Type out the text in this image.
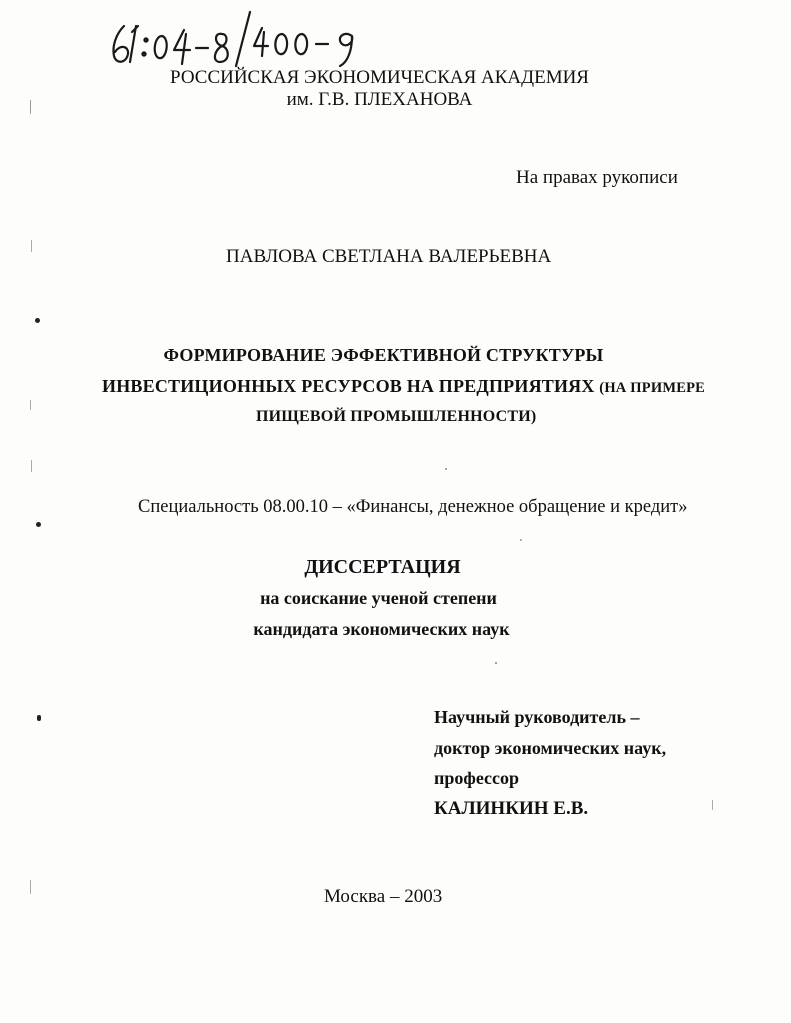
РОССИЙСКАЯ ЭКОНОМИЧЕСКАЯ АКАДЕМИЯ
им. Г.В. ПЛЕХАНОВА
На правах рукописи
ПАВЛОВА СВЕТЛАНА ВАЛЕРЬЕВНА
ФОРМИРОВАНИЕ ЭФФЕКТИВНОЙ СТРУКТУРЫ
ИНВЕСТИЦИОННЫХ РЕСУРСОВ НА ПРЕДПРИЯТИЯХ (НА ПРИМЕРЕ
ПИЩЕВОЙ ПРОМЫШЛЕННОСТИ)
Специальность 08.00.10 – «Финансы, денежное обращение и кредит»
ДИССЕРТАЦИЯ
на соискание ученой степени
кандидата экономических наук
Научный руководитель –
доктор экономических наук,
профессор
КАЛИНКИН Е.В.
Москва – 2003
